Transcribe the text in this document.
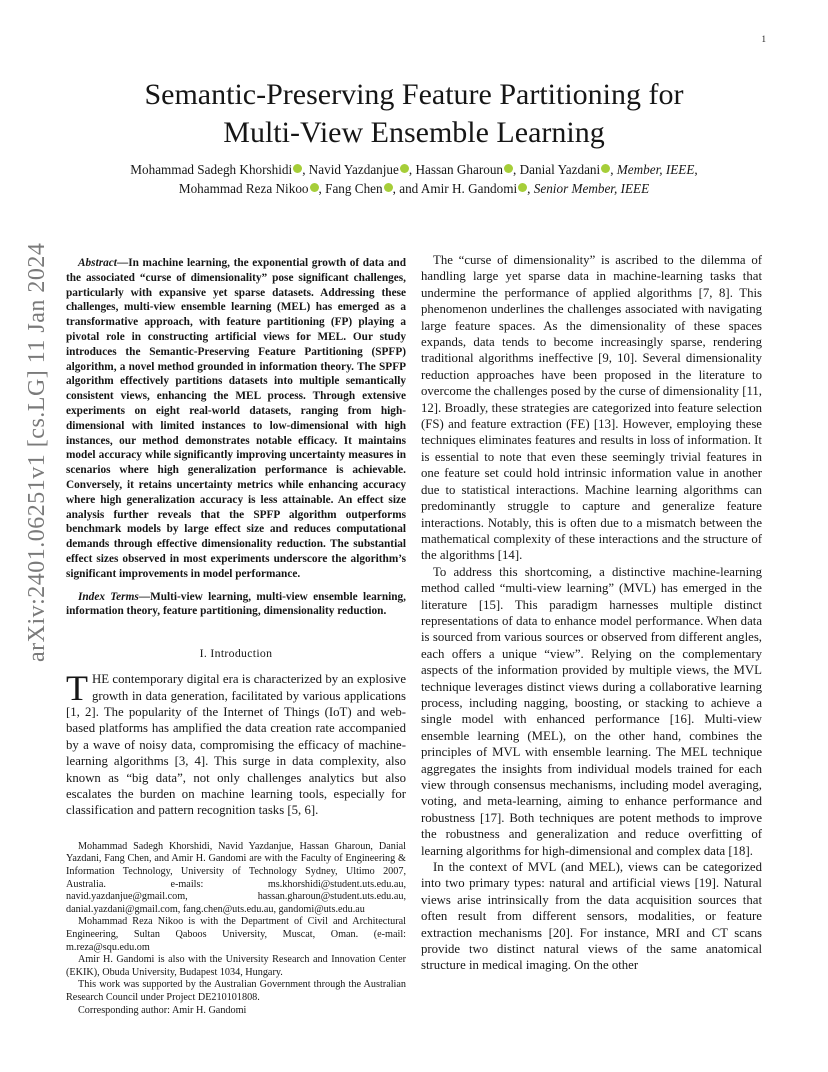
1
arXiv:2401.06251v1 [cs.LG] 11 Jan 2024
Semantic-Preserving Feature Partitioning for
Multi-View Ensemble Learning
Mohammad Sadegh Khorshidi , Navid Yazdanjue , Hassan Gharoun , Danial Yazdani , Member, IEEE,
Mohammad Reza Nikoo , Fang Chen , and Amir H. Gandomi , Senior Member, IEEE

Abstract—In machine learning, the exponential growth of data and the associated “curse of dimensionality” pose significant challenges, particularly with expansive yet sparse datasets. Addressing these challenges, multi-view ensemble learning (MEL) has emerged as a transformative approach, with feature partitioning (FP) playing a pivotal role in constructing artificial views for MEL. Our study introduces the Semantic-Preserving Feature Partitioning (SPFP) algorithm, a novel method grounded in information theory. The SPFP algorithm effectively partitions datasets into multiple semantically consistent views, enhancing the MEL process. Through extensive experiments on eight real-world datasets, ranging from high-dimensional with limited instances to low-dimensional with high instances, our method demonstrates notable efficacy. It maintains model accuracy while significantly improving uncertainty measures in scenarios where high generalization performance is achievable. Conversely, it retains uncertainty metrics while enhancing accuracy where high generalization accuracy is less attainable. An effect size analysis further reveals that the SPFP algorithm outperforms benchmark models by large effect size and reduces computational demands through effective dimensionality reduction. The substantial effect sizes observed in most experiments underscore the algorithm’s significant improvements in model performance.

Index Terms—Multi-view learning, multi-view ensemble learning, information theory, feature partitioning, dimensionality reduction.

I. Introduction

THE contemporary digital era is characterized by an explosive growth in data generation, facilitated by various applications [1, 2]. The popularity of the Internet of Things (IoT) and web-based platforms has amplified the data creation rate accompanied by a wave of noisy data, compromising the efficacy of machine-learning algorithms [3, 4]. This surge in data complexity, also known as “big data”, not only challenges analytics but also escalates the burden on machine learning tools, especially for classification and pattern recognition tasks [5, 6].

Mohammad Sadegh Khorshidi, Navid Yazdanjue, Hassan Gharoun, Danial Yazdani, Fang Chen, and Amir H. Gandomi are with the Faculty of Engineering & Information Technology, University of Technology Sydney, Ultimo 2007, Australia. e-mails: ms.khorshidi@student.uts.edu.au, navid.yazdanjue@gmail.com, hassan.gharoun@student.uts.edu.au, danial.yazdani@gmail.com, fang.chen@uts.edu.au, gandomi@uts.edu.au

Mohammad Reza Nikoo is with the Department of Civil and Architectural Engineering, Sultan Qaboos University, Muscat, Oman. (e-mail: m.reza@squ.edu.om

Amir H. Gandomi is also with the University Research and Innovation Center (EKIK), Obuda University, Budapest 1034, Hungary.

This work was supported by the Australian Government through the Australian Research Council under Project DE210101808.

Corresponding author: Amir H. Gandomi

The “curse of dimensionality” is ascribed to the dilemma of handling large yet sparse data in machine-learning tasks that undermine the performance of applied algorithms [7, 8]. This phenomenon underlines the challenges associated with navigating large feature spaces. As the dimensionality of these spaces expands, data tends to become increasingly sparse, rendering traditional algorithms ineffective [9, 10]. Several dimensionality reduction approaches have been proposed in the literature to overcome the challenges posed by the curse of dimensionality [11, 12]. Broadly, these strategies are categorized into feature selection (FS) and feature extraction (FE) [13]. However, employing these techniques eliminates features and results in loss of information. It is essential to note that even these seemingly trivial features in one feature set could hold intrinsic information value in another due to statistical interactions. Machine learning algorithms can predominantly struggle to capture and generalize feature interactions. Notably, this is often due to a mismatch between the mathematical complexity of these interactions and the structure of the algorithms [14].

To address this shortcoming, a distinctive machine-learning method called “multi-view learning” (MVL) has emerged in the literature [15]. This paradigm harnesses multiple distinct representations of data to enhance model performance. When data is sourced from various sources or observed from different angles, each offers a unique “view”. Relying on the complementary aspects of the information provided by multiple views, the MVL technique leverages distinct views during a collaborative learning process, including nagging, boosting, or stacking to achieve a single model with enhanced performance [16]. Multi-view ensemble learning (MEL), on the other hand, combines the principles of MVL with ensemble learning. The MEL technique aggregates the insights from individual models trained for each view through consensus mechanisms, including model averaging, voting, and meta-learning, aiming to enhance performance and robustness [17]. Both techniques are potent methods to improve the robustness and generalization and reduce overfitting of learning algorithms for high-dimensional and complex data [18].

In the context of MVL (and MEL), views can be categorized into two primary types: natural and artificial views [19]. Natural views arise intrinsically from the data acquisition sources that often result from different sensors, modalities, or feature extraction mechanisms [20]. For instance, MRI and CT scans provide two distinct natural views of the same anatomical structure in medical imaging. On the other
